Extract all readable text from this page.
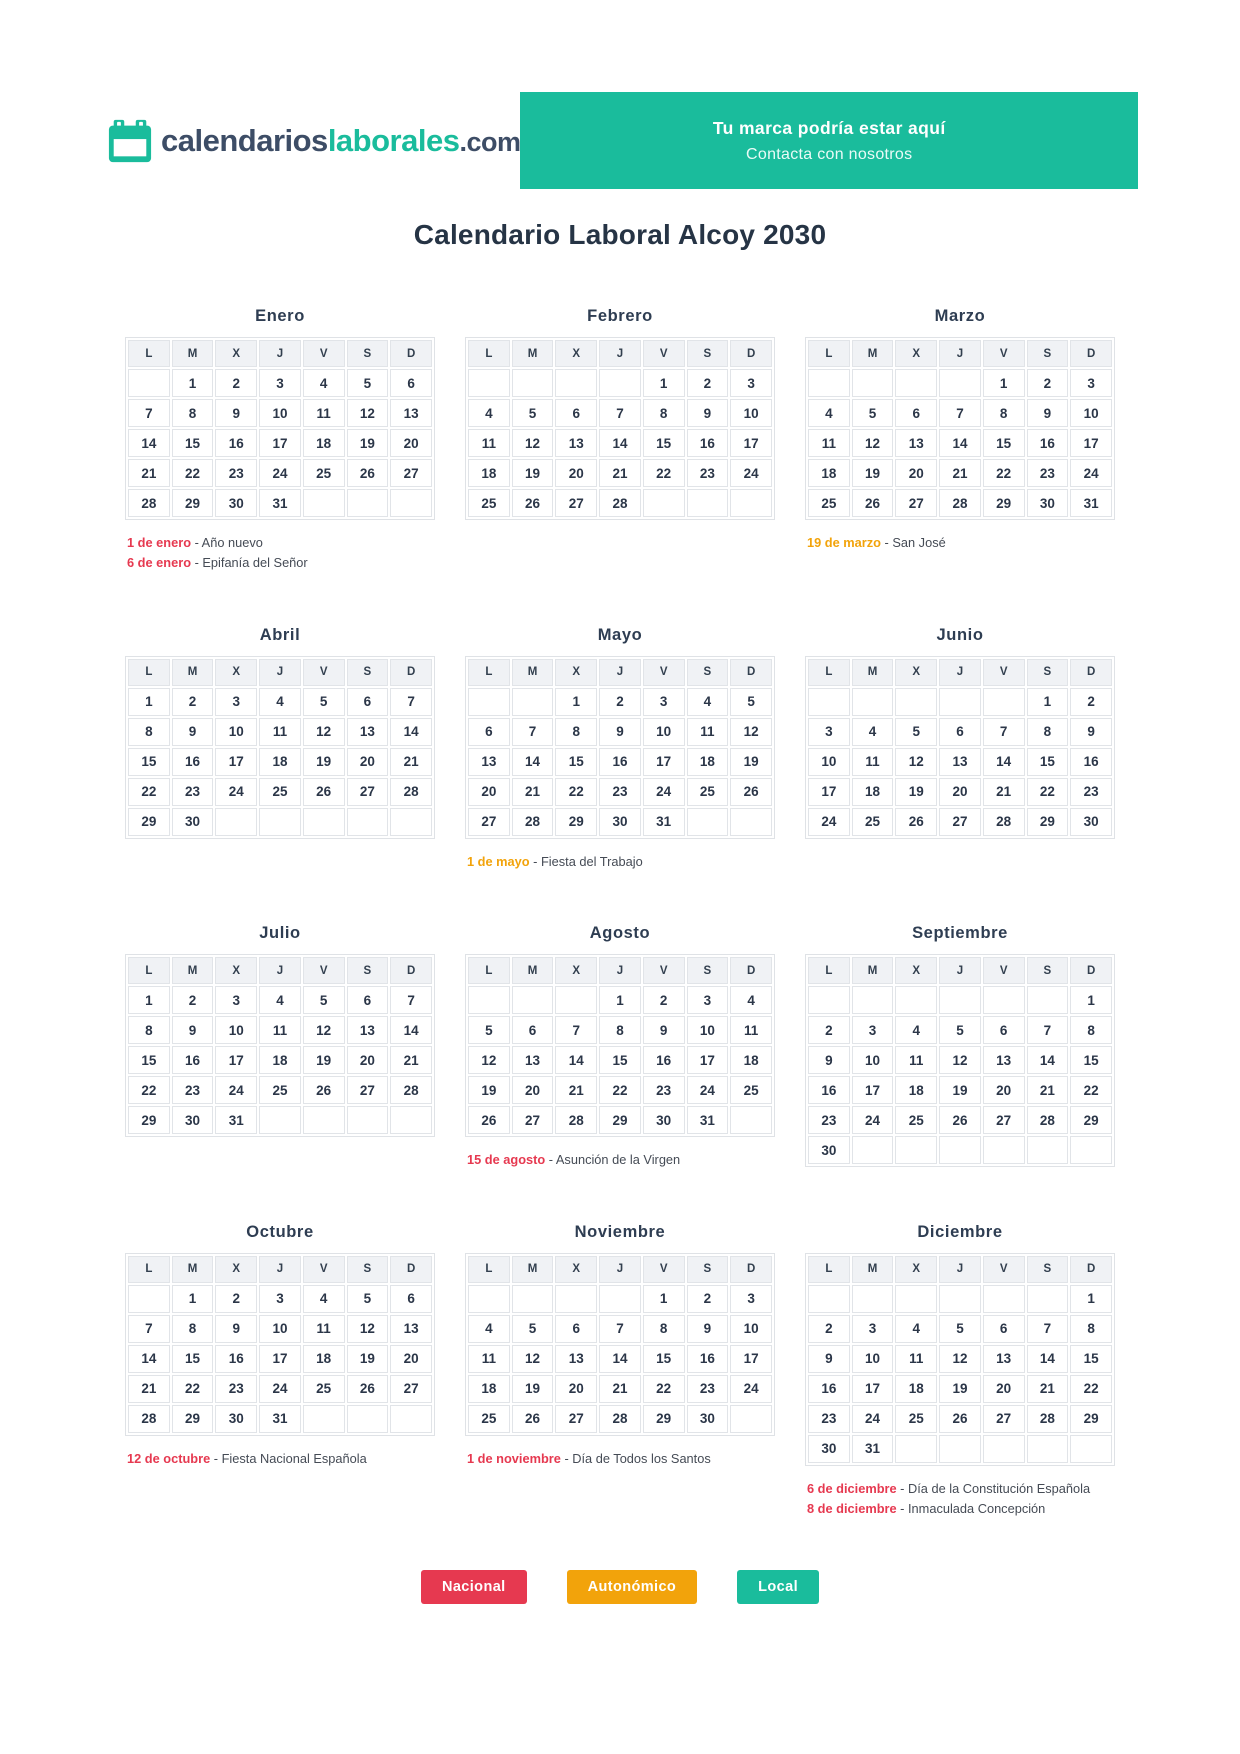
calendarioslaborales.com	Tu marca podría estar aquí
Contacta con nosotros
Calendario Laboral Alcoy 2030
Enero
L	M	X	J	V	S	D
	1	2	3	4	5	6
7	8	9	10	11	12	13
14	15	16	17	18	19	20
21	22	23	24	25	26	27
28	29	30	31			
1 de enero - Año nuevo
6 de enero - Epifanía del Señor
Febrero
L	M	X	J	V	S	D
				1	2	3
4	5	6	7	8	9	10
11	12	13	14	15	16	17
18	19	20	21	22	23	24
25	26	27	28			
Marzo
L	M	X	J	V	S	D
				1	2	3
4	5	6	7	8	9	10
11	12	13	14	15	16	17
18	19	20	21	22	23	24
25	26	27	28	29	30	31
19 de marzo - San José
Abril
L	M	X	J	V	S	D
1	2	3	4	5	6	7
8	9	10	11	12	13	14
15	16	17	18	19	20	21
22	23	24	25	26	27	28
29	30					
Mayo
L	M	X	J	V	S	D
		1	2	3	4	5
6	7	8	9	10	11	12
13	14	15	16	17	18	19
20	21	22	23	24	25	26
27	28	29	30	31		
1 de mayo - Fiesta del Trabajo
Junio
L	M	X	J	V	S	D
					1	2
3	4	5	6	7	8	9
10	11	12	13	14	15	16
17	18	19	20	21	22	23
24	25	26	27	28	29	30
Julio
L	M	X	J	V	S	D
1	2	3	4	5	6	7
8	9	10	11	12	13	14
15	16	17	18	19	20	21
22	23	24	25	26	27	28
29	30	31				
Agosto
L	M	X	J	V	S	D
			1	2	3	4
5	6	7	8	9	10	11
12	13	14	15	16	17	18
19	20	21	22	23	24	25
26	27	28	29	30	31	
15 de agosto - Asunción de la Virgen
Septiembre
L	M	X	J	V	S	D
						1
2	3	4	5	6	7	8
9	10	11	12	13	14	15
16	17	18	19	20	21	22
23	24	25	26	27	28	29
30						
Octubre
L	M	X	J	V	S	D
	1	2	3	4	5	6
7	8	9	10	11	12	13
14	15	16	17	18	19	20
21	22	23	24	25	26	27
28	29	30	31			
12 de octubre - Fiesta Nacional Española
Noviembre
L	M	X	J	V	S	D
				1	2	3
4	5	6	7	8	9	10
11	12	13	14	15	16	17
18	19	20	21	22	23	24
25	26	27	28	29	30	
1 de noviembre - Día de Todos los Santos
Diciembre
L	M	X	J	V	S	D
						1
2	3	4	5	6	7	8
9	10	11	12	13	14	15
16	17	18	19	20	21	22
23	24	25	26	27	28	29
30	31					
6 de diciembre - Día de la Constitución Española
8 de diciembre - Inmaculada Concepción
Nacional	Autonómico	Local
